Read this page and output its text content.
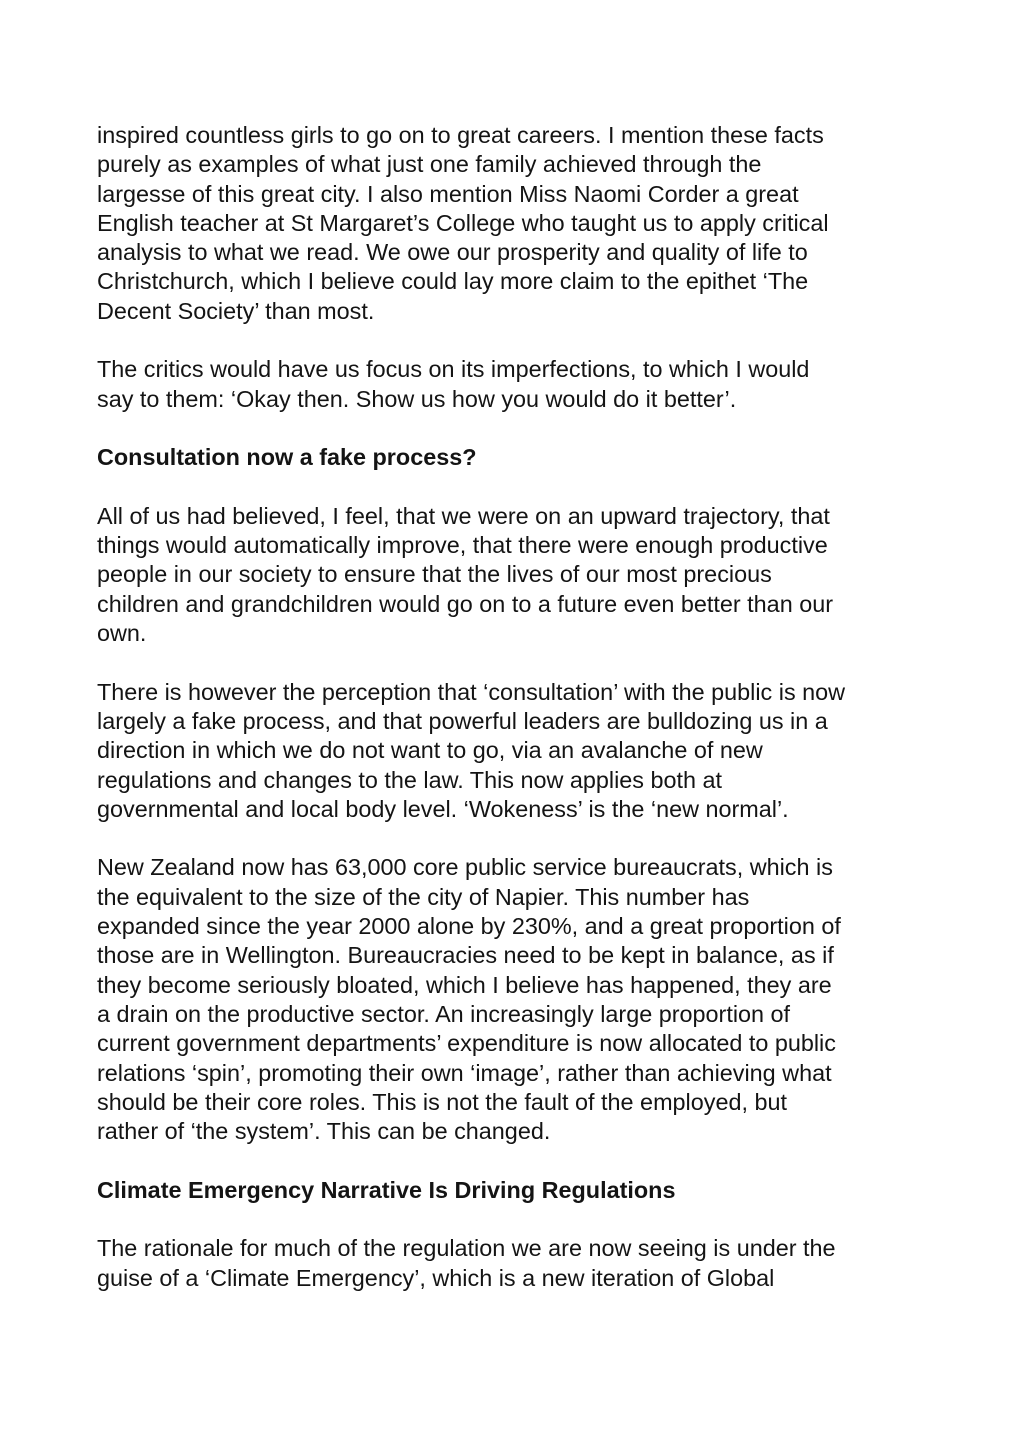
inspired countless girls to go on to great careers. I mention these facts
purely as examples of what just one family achieved through the
largesse of this great city. I also mention Miss Naomi Corder a great
English teacher at St Margaret’s College who taught us to apply critical
analysis to what we read. We owe our prosperity and quality of life to
Christchurch, which I believe could lay more claim to the epithet ‘The
Decent Society’ than most.
The critics would have us focus on its imperfections, to which I would
say to them: ‘Okay then. Show us how you would do it better’.
Consultation now a fake process?
All of us had believed, I feel, that we were on an upward trajectory, that
things would automatically improve, that there were enough productive
people in our society to ensure that the lives of our most precious
children and grandchildren would go on to a future even better than our
own.
There is however the perception that ‘consultation’ with the public is now
largely a fake process, and that powerful leaders are bulldozing us in a
direction in which we do not want to go, via an avalanche of new
regulations and changes to the law. This now applies both at
governmental and local body level. ‘Wokeness’ is the ‘new normal’.
New Zealand now has 63,000 core public service bureaucrats, which is
the equivalent to the size of the city of Napier. This number has
expanded since the year 2000 alone by 230%, and a great proportion of
those are in Wellington. Bureaucracies need to be kept in balance, as if
they become seriously bloated, which I believe has happened, they are
a drain on the productive sector. An increasingly large proportion of
current government departments’ expenditure is now allocated to public
relations ‘spin’, promoting their own ‘image’, rather than achieving what
should be their core roles. This is not the fault of the employed, but
rather of ‘the system’. This can be changed.
Climate Emergency Narrative Is Driving Regulations
The rationale for much of the regulation we are now seeing is under the
guise of a ‘Climate Emergency’, which is a new iteration of Global
